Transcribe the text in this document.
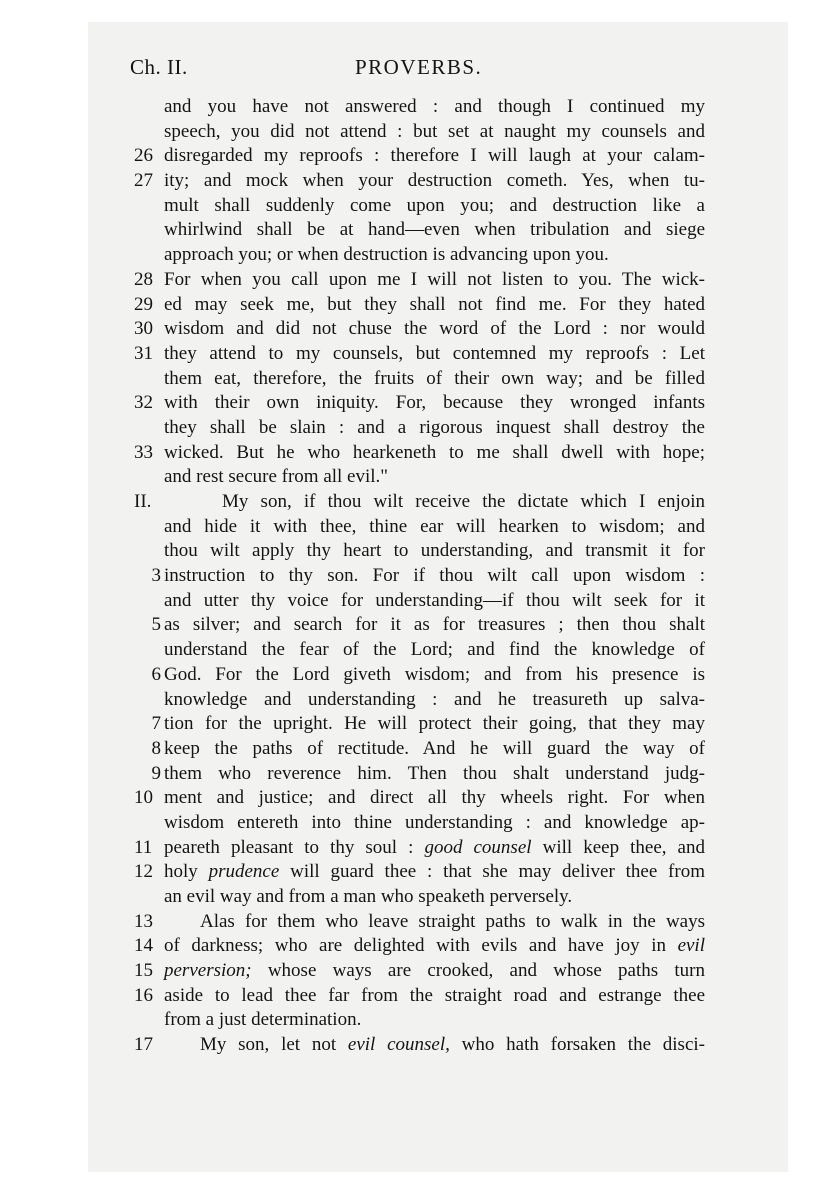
Ch. II.	PROVERBS.
and you have not answered : and though I continued my
speech, you did not attend : but set at naught my counsels and
26 disregarded my reproofs : therefore I will laugh at your calam-
27 ity; and mock when your destruction cometh. Yes, when tu-
mult shall suddenly come upon you; and destruction like a
whirlwind shall be at hand—even when tribulation and siege
approach you; or when destruction is advancing upon you.
28 For when you call upon me I will not listen to you. The wick-
29 ed may seek me, but they shall not find me. For they hated
30 wisdom and did not chuse the word of the Lord : nor would
31 they attend to my counsels, but contemned my reproofs : Let
them eat, therefore, the fruits of their own way; and be filled
32 with their own iniquity. For, because they wronged infants
they shall be slain : and a rigorous inquest shall destroy the
33 wicked. But he who hearkeneth to me shall dwell with hope;
and rest secure from all evil."
II.	My son, if thou wilt receive the dictate which I enjoin
and hide it with thee, thine ear will hearken to wisdom; and
thou wilt apply thy heart to understanding, and transmit it for
3 instruction to thy son. For if thou wilt call upon wisdom :
and utter thy voice for understanding—if thou wilt seek for it
5 as silver; and search for it as for treasures ; then thou shalt
understand the fear of the Lord; and find the knowledge of
6 God. For the Lord giveth wisdom; and from his presence is
knowledge and understanding : and he treasureth up salva-
7 tion for the upright. He will protect their going, that they may
8 keep the paths of rectitude. And he will guard the way of
9 them who reverence him. Then thou shalt understand judg-
10 ment and justice; and direct all thy wheels right. For when
wisdom entereth into thine understanding : and knowledge ap-
11 peareth pleasant to thy soul : good counsel will keep thee, and
12 holy prudence will guard thee : that she may deliver thee from
an evil way and from a man who speaketh perversely.
13	Alas for them who leave straight paths to walk in the ways
14 of darkness; who are delighted with evils and have joy in evil
15 perversion; whose ways are crooked, and whose paths turn
16 aside to lead thee far from the straight road and estrange thee
from a just determination.
17	My son, let not evil counsel, who hath forsaken the disci-
